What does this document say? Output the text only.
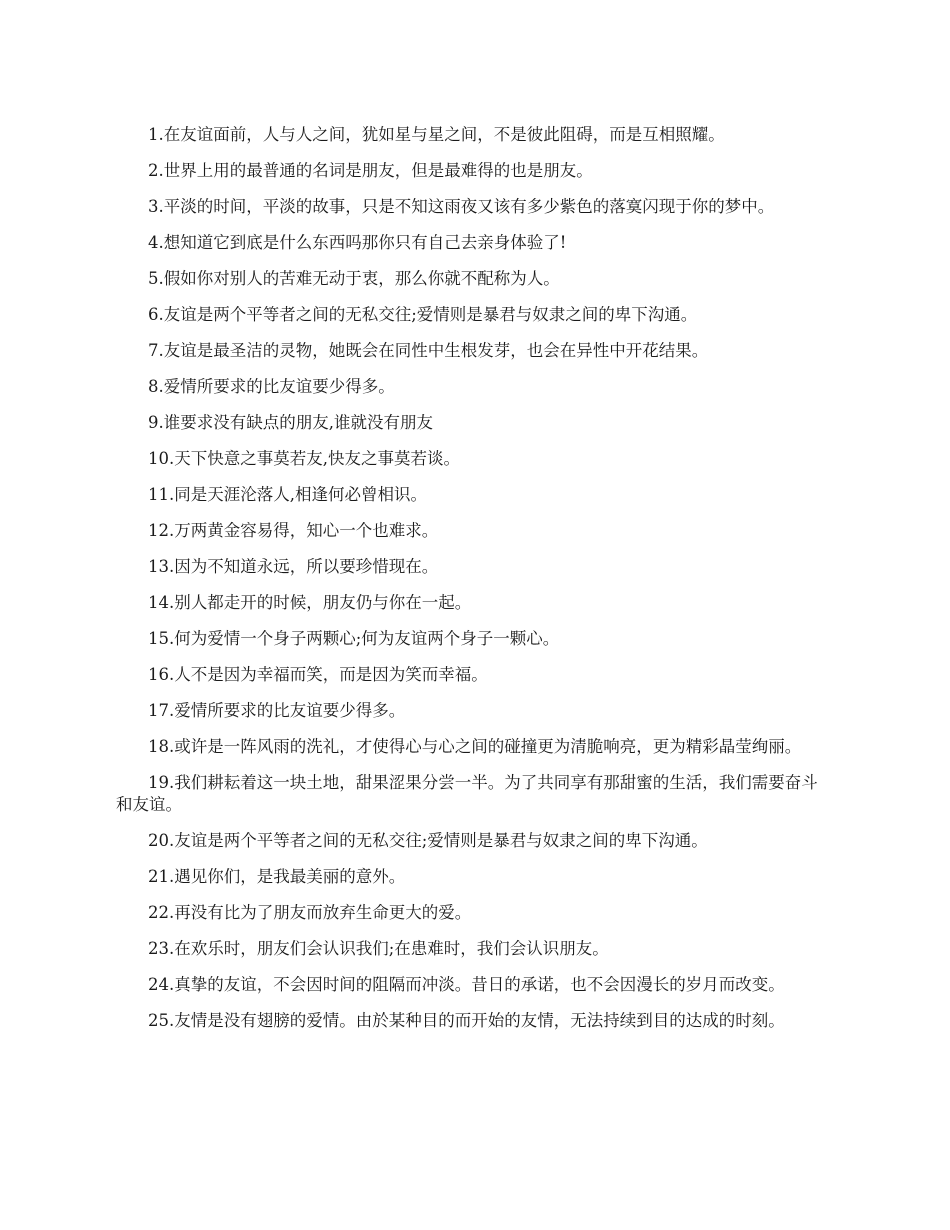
1.在友谊面前，人与人之间，犹如星与星之间，不是彼此阻碍，而是互相照耀。

2.世界上用的最普通的名词是朋友，但是最难得的也是朋友。

3.平淡的时间，平淡的故事，只是不知这雨夜又该有多少紫色的落寞闪现于你的梦中。

4.想知道它到底是什么东西吗那你只有自己去亲身体验了!

5.假如你对别人的苦难无动于衷，那么你就不配称为人。

6.友谊是两个平等者之间的无私交往;爱情则是暴君与奴隶之间的卑下沟通。

7.友谊是最圣洁的灵物，她既会在同性中生根发芽，也会在异性中开花结果。

8.爱情所要求的比友谊要少得多。

9.谁要求没有缺点的朋友,谁就没有朋友

10.天下快意之事莫若友,快友之事莫若谈。

11.同是天涯沦落人,相逢何必曾相识。

12.万两黄金容易得，知心一个也难求。

13.因为不知道永远，所以要珍惜现在。

14.别人都走开的时候，朋友仍与你在一起。

15.何为爱情一个身子两颗心;何为友谊两个身子一颗心。

16.人不是因为幸福而笑，而是因为笑而幸福。

17.爱情所要求的比友谊要少得多。

18.或许是一阵风雨的洗礼，才使得心与心之间的碰撞更为清脆响亮，更为精彩晶莹绚丽。

19.我们耕耘着这一块土地，甜果涩果分尝一半。为了共同享有那甜蜜的生活，我们需要奋斗和友谊。

20.友谊是两个平等者之间的无私交往;爱情则是暴君与奴隶之间的卑下沟通。

21.遇见你们，是我最美丽的意外。

22.再没有比为了朋友而放弃生命更大的爱。

23.在欢乐时，朋友们会认识我们;在患难时，我们会认识朋友。

24.真挚的友谊，不会因时间的阻隔而冲淡。昔日的承诺，也不会因漫长的岁月而改变。

25.友情是没有翅膀的爱情。由於某种目的而开始的友情，无法持续到目的达成的时刻。
